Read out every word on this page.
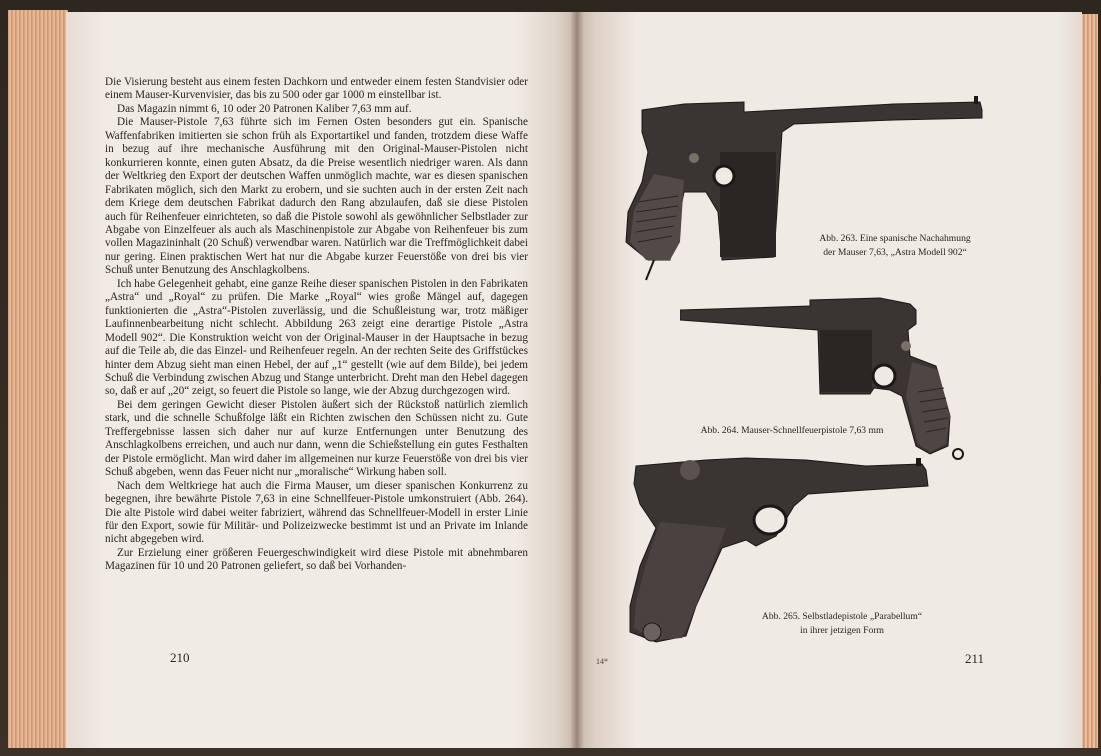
Die Visierung besteht aus einem festen Dachkorn und entweder einem festen Standvisier oder einem Mauser-Kurvenvisier, das bis zu 500 oder gar 1000 m einstellbar ist.

Das Magazin nimmt 6, 10 oder 20 Patronen Kaliber 7,63 mm auf.

Die Mauser-Pistole 7,63 führte sich im Fernen Osten besonders gut ein. Spanische Waffenfabriken imitierten sie schon früh als Exportartikel und fanden, trotzdem diese Waffe in bezug auf ihre mechanische Ausführung mit den Original-Mauser-Pistolen nicht konkurrieren konnte, einen guten Absatz, da die Preise wesentlich niedriger waren. Als dann der Weltkrieg den Export der deutschen Waffen unmöglich machte, war es diesen spanischen Fabrikaten möglich, sich den Markt zu erobern, und sie suchten auch in der ersten Zeit nach dem Kriege dem deutschen Fabrikat dadurch den Rang abzulaufen, daß sie diese Pistolen auch für Reihenfeuer einrichteten, so daß die Pistole sowohl als gewöhnlicher Selbstlader zur Abgabe von Einzelfeuer als auch als Maschinenpistole zur Abgabe von Reihenfeuer bis zum vollen Magazininhalt (20 Schuß) verwendbar waren. Natürlich war die Treffmöglichkeit dabei nur gering. Einen praktischen Wert hat nur die Abgabe kurzer Feuerstöße von drei bis vier Schuß unter Benutzung des Anschlagkolbens.

Ich habe Gelegenheit gehabt, eine ganze Reihe dieser spanischen Pistolen in den Fabrikaten „Astra“ und „Royal“ zu prüfen. Die Marke „Royal“ wies große Mängel auf, dagegen funktionierten die „Astra“-Pistolen zuverlässig, und die Schußleistung war, trotz mäßiger Laufinnenbearbeitung nicht schlecht. Abbildung 263 zeigt eine derartige Pistole „Astra Modell 902“. Die Konstruktion weicht von der Original-Mauser in der Hauptsache in bezug auf die Teile ab, die das Einzel- und Reihenfeuer regeln. An der rechten Seite des Griffstückes hinter dem Abzug sieht man einen Hebel, der auf „1“ gestellt (wie auf dem Bilde), bei jedem Schuß die Verbindung zwischen Abzug und Stange unterbricht. Dreht man den Hebel dagegen so, daß er auf „20“ zeigt, so feuert die Pistole so lange, wie der Abzug durchgezogen wird.

Bei dem geringen Gewicht dieser Pistolen äußert sich der Rückstoß natürlich ziemlich stark, und die schnelle Schußfolge läßt ein Richten zwischen den Schüssen nicht zu. Gute Treffergebnisse lassen sich daher nur auf kurze Entfernungen unter Benutzung des Anschlagkolbens erreichen, und auch nur dann, wenn die Schießstellung ein gutes Festhalten der Pistole ermöglicht. Man wird daher im allgemeinen nur kurze Feuerstöße von drei bis vier Schuß abgeben, wenn das Feuer nicht nur „moralische“ Wirkung haben soll.

Nach dem Weltkriege hat auch die Firma Mauser, um dieser spanischen Konkurrenz zu begegnen, ihre bewährte Pistole 7,63 in eine Schnellfeuer-Pistole umkonstruiert (Abb. 264). Die alte Pistole wird dabei weiter fabriziert, während das Schnellfeuer-Modell in erster Linie für den Export, sowie für Militär- und Polizeizwecke bestimmt ist und an Private im Inlande nicht abgegeben wird.

Zur Erzielung einer größeren Feuergeschwindigkeit wird diese Pistole mit abnehmbaren Magazinen für 10 und 20 Patronen geliefert, so daß bei Vorhanden-

210
Abb. 263. Eine spanische Nachahmung
der Mauser 7,63, „Astra Modell 902“
Abb. 264. Mauser-Schnellfeuerpistole 7,63 mm
Abb. 265. Selbstladepistole „Parabellum“
in ihrer jetzigen Form
14*	211
